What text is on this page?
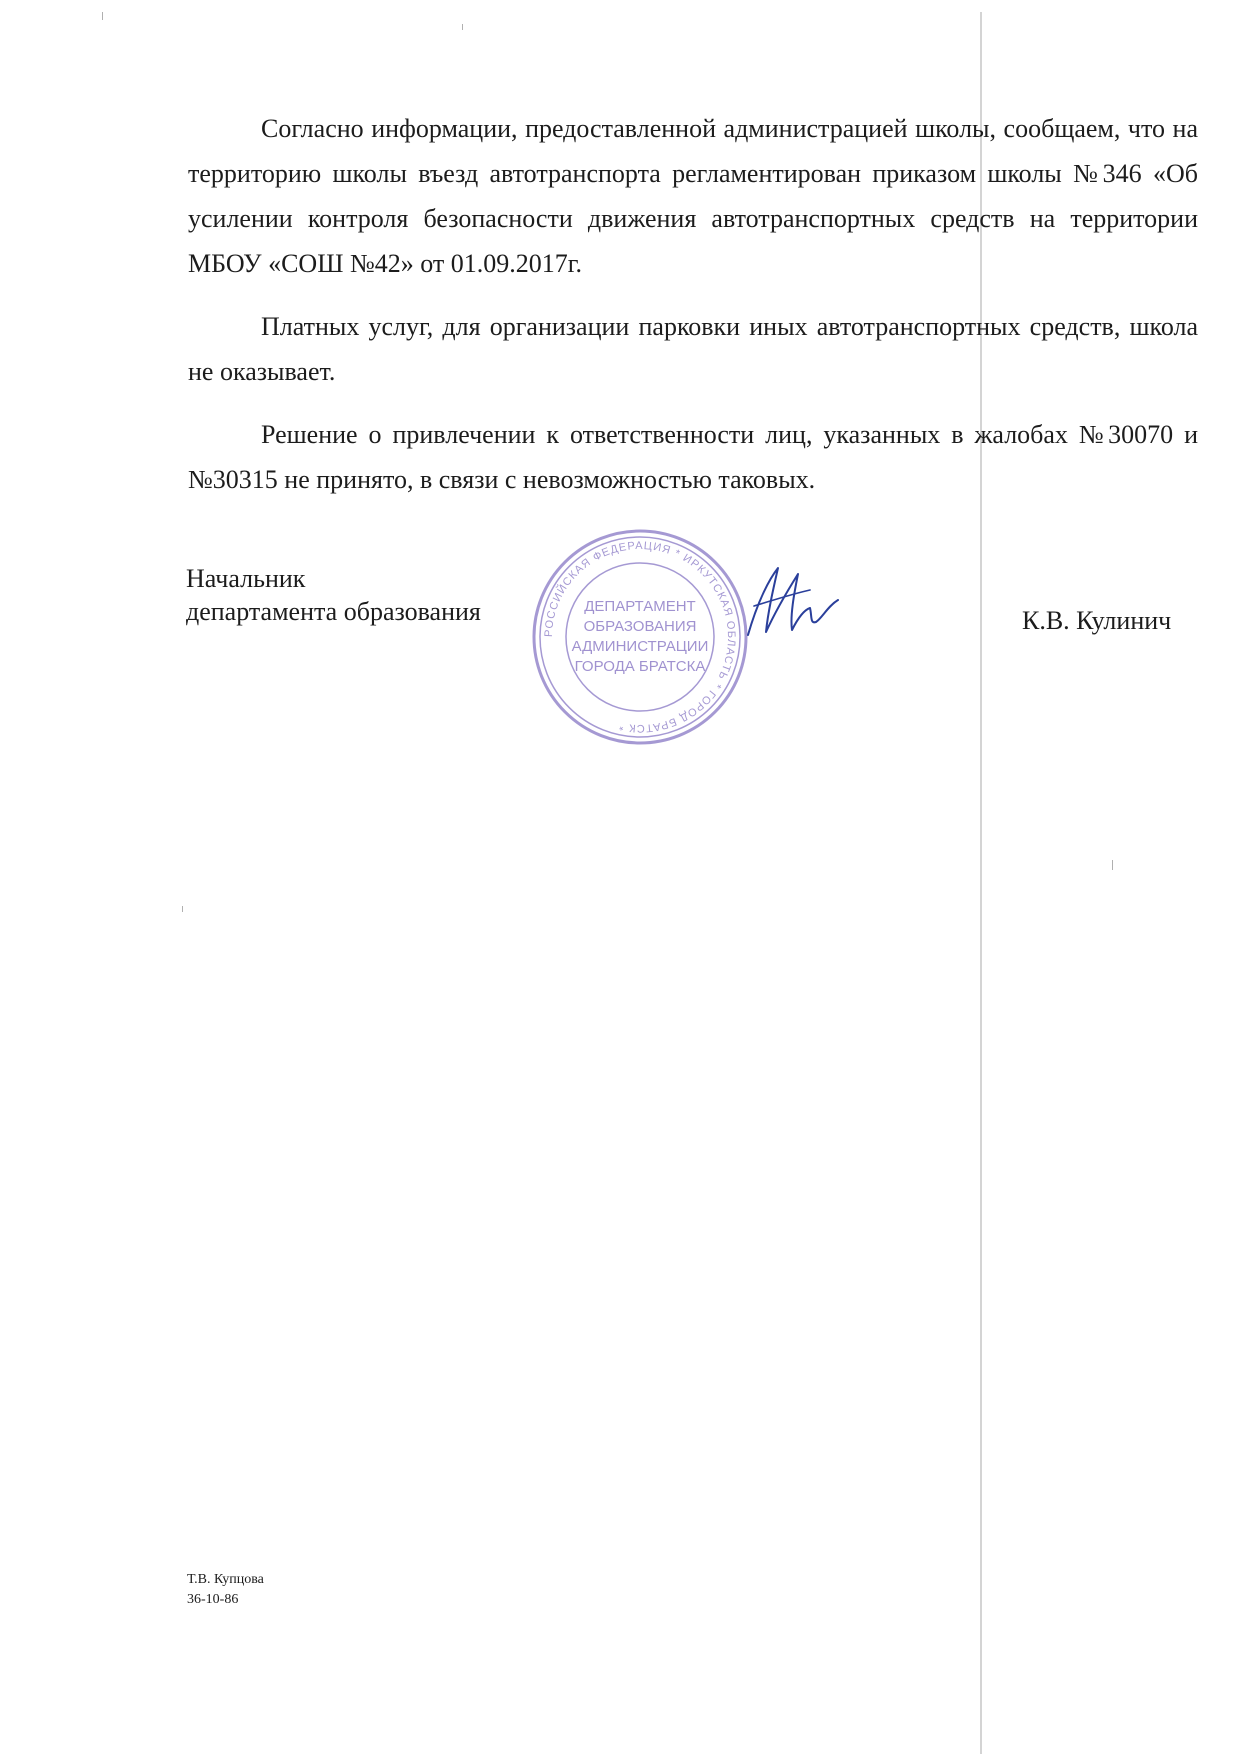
Согласно информации, предоставленной администрацией школы, сообщаем, что на территорию школы въезд автотранспорта регламентирован приказом школы №346 «Об усилении контроля безопасности движения автотранспортных средств на территории МБОУ «СОШ №42» от 01.09.2017г.

Платных услуг, для организации парковки иных автотранспортных средств, школа не оказывает.

Решение о привлечении к ответственности лиц, указанных в жалобах №30070 и №30315 не принято, в связи с невозможностью таковых.

Начальник
департамента образования
РОССИЙСКАЯ ФЕДЕРАЦИЯ * ИРКУТСКАЯ ОБЛАСТЬ * ГОРОД БРАТСК *
ДЕПАРТАМЕНТ
ОБРАЗОВАНИЯ
АДМИНИСТРАЦИИ
ГОРОДА БРАТСКА
К.В. Кулинич
Т.В. Купцова
36-10-86
